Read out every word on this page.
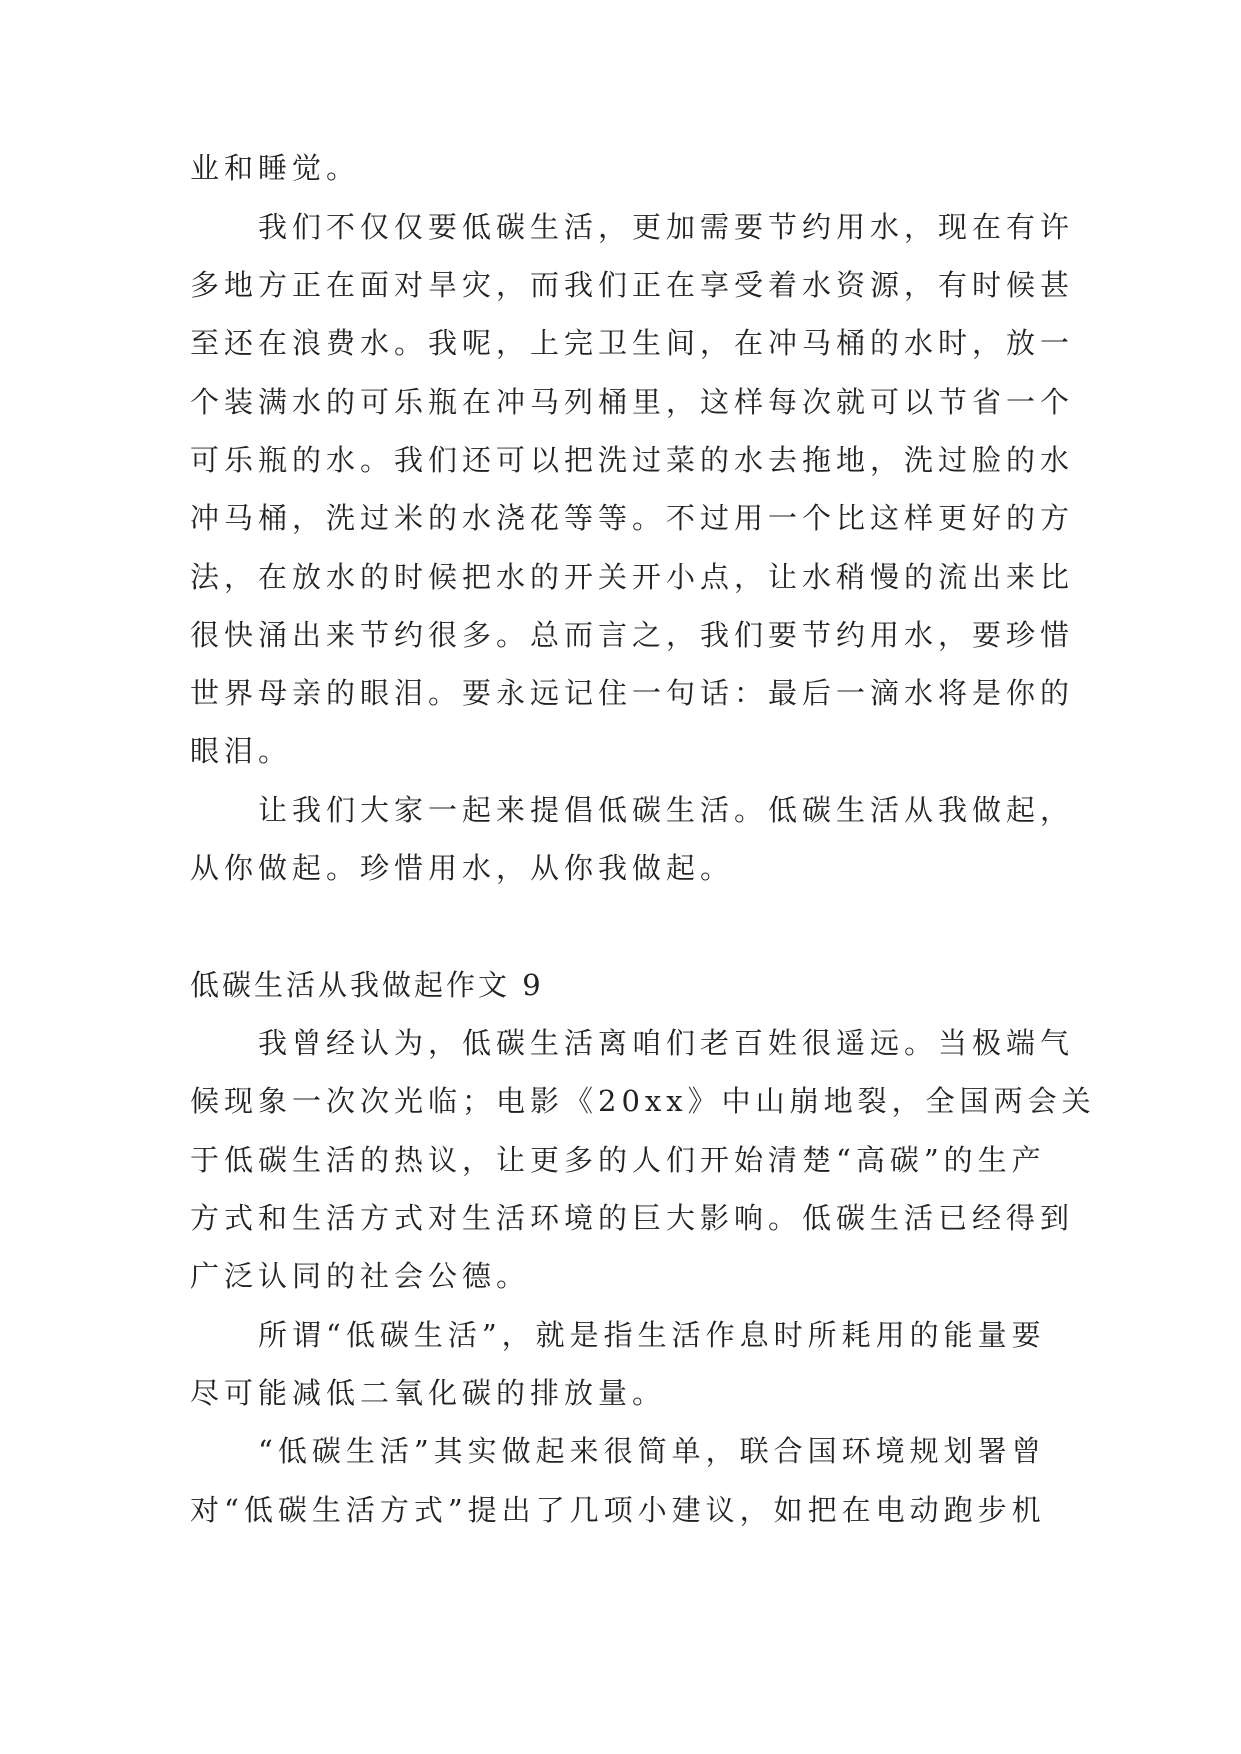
业和睡觉。
我们不仅仅要低碳生活，更加需要节约用水，现在有许
多地方正在面对旱灾，而我们正在享受着水资源，有时候甚
至还在浪费水。我呢，上完卫生间，在冲马桶的水时，放一
个装满水的可乐瓶在冲马列桶里，这样每次就可以节省一个
可乐瓶的水。我们还可以把洗过菜的水去拖地，洗过脸的水
冲马桶，洗过米的水浇花等等。不过用一个比这样更好的方
法，在放水的时候把水的开关开小点，让水稍慢的流出来比
很快涌出来节约很多。总而言之，我们要节约用水，要珍惜
世界母亲的眼泪。要永远记住一句话：最后一滴水将是你的
眼泪。
让我们大家一起来提倡低碳生活。低碳生活从我做起，
从你做起。珍惜用水，从你我做起。
低碳生活从我做起作文 9
我曾经认为，低碳生活离咱们老百姓很遥远。当极端气
候现象一次次光临；电影《20xx》中山崩地裂，全国两会关
于低碳生活的热议，让更多的人们开始清楚“高碳”的生产
方式和生活方式对生活环境的巨大影响。低碳生活已经得到
广泛认同的社会公德。
所谓“低碳生活”，就是指生活作息时所耗用的能量要
尽可能减低二氧化碳的排放量。
“低碳生活”其实做起来很简单，联合国环境规划署曾
对“低碳生活方式”提出了几项小建议，如把在电动跑步机
